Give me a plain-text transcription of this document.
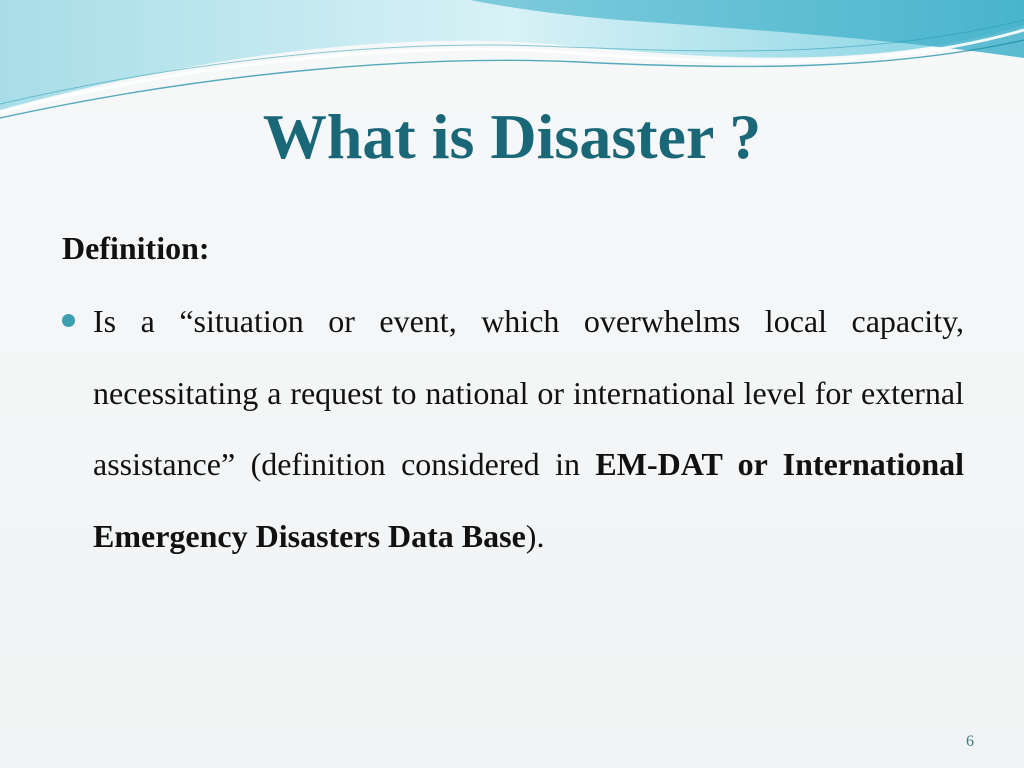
What is Disaster ?

Definition:

Is a “situation or event, which overwhelms local capacity, necessitating a request to national or international level for external assistance” (definition considered in EM-DAT or International Emergency Disasters Data Base).

6
